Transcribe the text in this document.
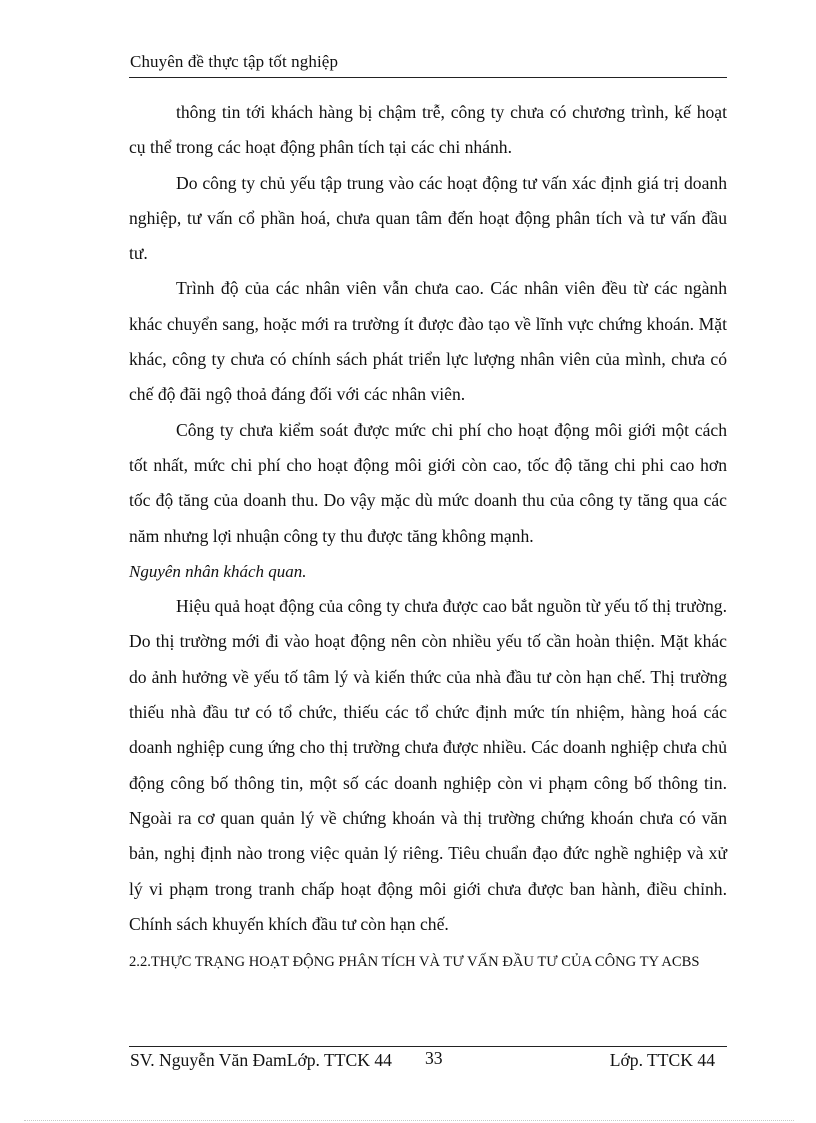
Chuyên đề thực tập tốt nghiệp

thông tin tới khách hàng bị chậm trễ, công ty chưa có chương trình, kế hoạt cụ thể trong các hoạt động phân tích tại các chi nhánh.

Do công ty chủ yếu tập trung vào các hoạt động tư vấn xác định giá trị doanh nghiệp, tư vấn cổ phần hoá, chưa quan tâm đến hoạt động phân tích và tư vấn đầu tư.

Trình độ của các nhân viên vẫn chưa cao. Các nhân viên đều từ các ngành khác chuyển sang, hoặc mới ra trường ít được đào tạo về lĩnh vực chứng khoán. Mặt khác, công ty chưa có chính sách phát triển lực lượng nhân viên của mình, chưa có chế độ đãi ngộ thoả đáng đối với các nhân viên.

Công ty chưa kiểm soát được mức chi phí cho hoạt động môi giới một cách tốt nhất, mức chi phí cho hoạt động môi giới còn cao, tốc độ tăng chi phi cao hơn tốc độ tăng của doanh thu. Do vậy mặc dù mức doanh thu của công ty tăng qua các năm nhưng lợi nhuận công ty thu được tăng không mạnh.

Nguyên nhân khách quan.

Hiệu quả hoạt động của công ty chưa được cao bắt nguồn từ yếu tố thị trường. Do thị trường mới đi vào hoạt động nên còn nhiều yếu tố cần hoàn thiện. Mặt khác do ảnh hưởng về yếu tố tâm lý và kiến thức của nhà đầu tư còn hạn chế. Thị trường thiếu nhà đầu tư có tổ chức, thiếu các tổ chức định mức tín nhiệm, hàng hoá các doanh nghiệp cung ứng cho thị trường chưa được nhiều. Các doanh nghiệp chưa chủ động công bố thông tin, một số các doanh nghiệp còn vi phạm công bố thông tin. Ngoài ra cơ quan quản lý về chứng khoán và thị trường chứng khoán chưa có văn bản, nghị định nào trong việc quản lý riêng. Tiêu chuẩn đạo đức nghề nghiệp và xử lý vi phạm trong tranh chấp hoạt động môi giới chưa được ban hành, điều chỉnh. Chính sách khuyến khích đầu tư còn hạn chế.

2.2.THỰC TRẠNG HOẠT ĐỘNG PHÂN TÍCH VÀ TƯ VẤN ĐẦU TƯ CỦA CÔNG TY ACBS

SV. Nguyễn Văn ĐamLớp. TTCK 44 33	Lớp. TTCK 44
